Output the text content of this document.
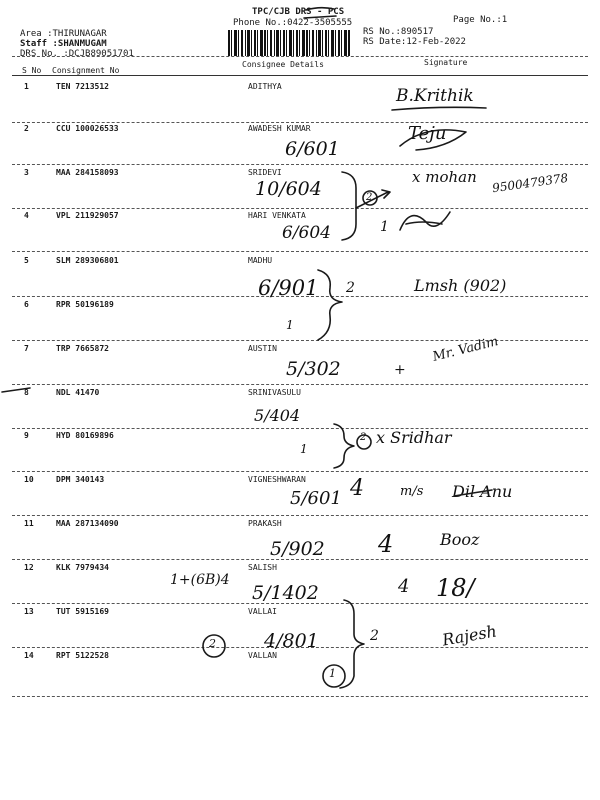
TPC/CJB DRS - PCS
Phone No.:0422-3505555
RS No.:890517
RS Date:12-Feb-2022
Page No.:1
Area :THIRUNAGAR
Staff :SHANMUGAM
DRS No. :DCJB89051701
S No Consignment No
Consignee Details	Signature
1	TEN 7213512	ADITHYA
2	CCU 100026533	AWADESH KUMAR
3	MAA 284158093	SRIDEVI
4	VPL 211929057	HARI VENKATA
5	SLM 289306801	MADHU
6	RPR 50196189
7	TRP 7665872	AUSTIN
8	NDL 41470	SRINIVASULU
9	HYD 80169896
10	DPM 340143	VIGNESHWARAN
11	MAA 287134090	PRAKASH
12	KLK 7979434	SALISH
13	TUT 5915169	VALLAI
14	RPT 5122528	VALLAN
B.Krithik
6/601
Teju
10/604
x mohan 9500479378
2
6/604	1
6/901 2	Lmsh (902)
1
5/302	+
Mr. Vadim
5/404
1
2 x Sridhar
5/601 4	m/s Dil Anu
5/902 4	Booz
1+(6B)4
5/1402	4 18/
4/801	2	Rajesh
2
1
